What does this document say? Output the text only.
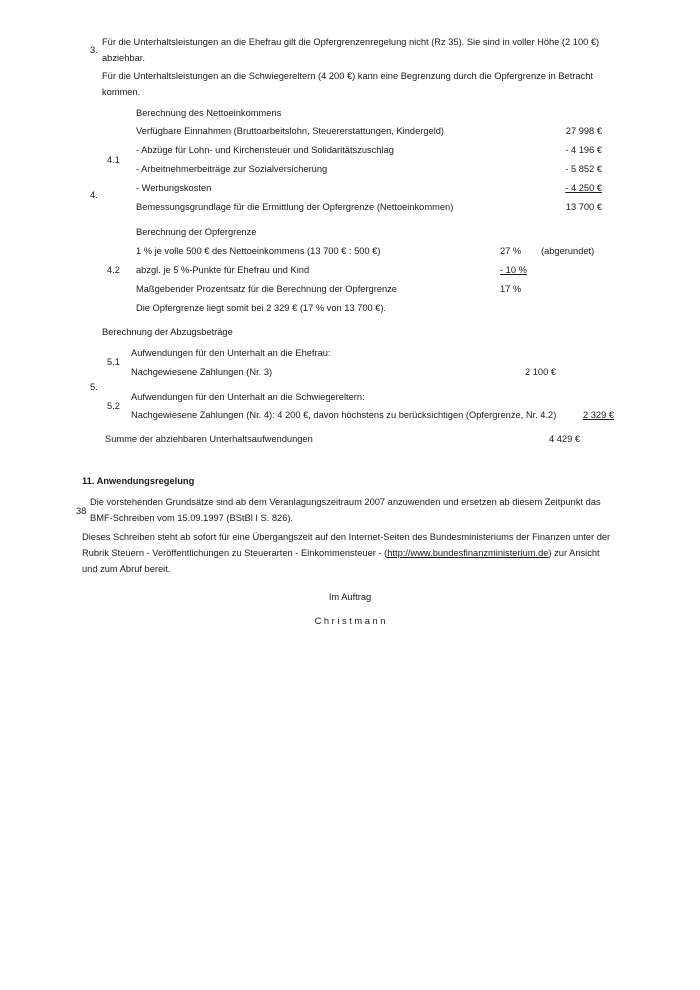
3.
Für die Unterhaltsleistungen an die Ehefrau gilt die Opfergrenzenregelung nicht (Rz 35). Sie sind in voller Höhe (2 100 €)
abziehbar.
Für die Unterhaltsleistungen an die Schwiegereltern (4 200 €) kann eine Begrenzung durch die Opfergrenze in Betracht
kommen.
4.
4.1
Berechnung des Nettoeinkommens
Verfügbare Einnahmen (Bruttoarbeitslohn, Steuererstattungen, Kindergeld)	27 998 €
- Abzüge für Lohn- und Kirchensteuer und Solidaritätszuschlag	- 4 196 €
- Arbeitnehmerbeiträge zur Sozialversicherung	- 5 852 €
- Werbungskosten	- 4 250 €
Bemessungsgrundlage für die Ermittlung der Opfergrenze (Nettoeinkommen)	13 700 €
4.2
Berechnung der Opfergrenze
1 % je volle 500 € des Nettoeinkommens (13 700 € : 500 €)	27 % (abgerundet)
abzgl. je 5 %-Punkte für Ehefrau und Kind	- 10 %
Maßgebender Prozentsatz für die Berechnung der Opfergrenze	17 %
Die Opfergrenze liegt somit bei 2 329 € (17 % von 13 700 €).
Berechnung der Abzugsbeträge
5.
5.1
Aufwendungen für den Unterhalt an die Ehefrau:
Nachgewiesene Zahlungen (Nr. 3)	2 100 €
5.2
Aufwendungen für den Unterhalt an die Schwiegereltern:
Nachgewiesene Zahlungen (Nr. 4): 4 200 €, davon höchstens zu berücksichtigen (Opfergrenze, Nr. 4.2)	2 329 €
Summe der abziehbaren Unterhaltsaufwendungen	4 429 €
11. Anwendungsregelung
38
Die vorstehenden Grundsätze sind ab dem Veranlagungszeitraum 2007 anzuwenden und ersetzen ab diesem Zeitpunkt das
BMF-Schreiben vom 15.09.1997 (BStBl I S. 826).
Dieses Schreiben steht ab sofort für eine Übergangszeit auf den Internet-Seiten des Bundesministeriums der Finanzen unter der
Rubrik Steuern - Veröffentlichungen zu Steuerarten - Einkommensteuer - (http://www.bundesfinanzministerium.de) zur Ansicht
und zum Abruf bereit.
Im Auftrag
C h r i s t m a n n
